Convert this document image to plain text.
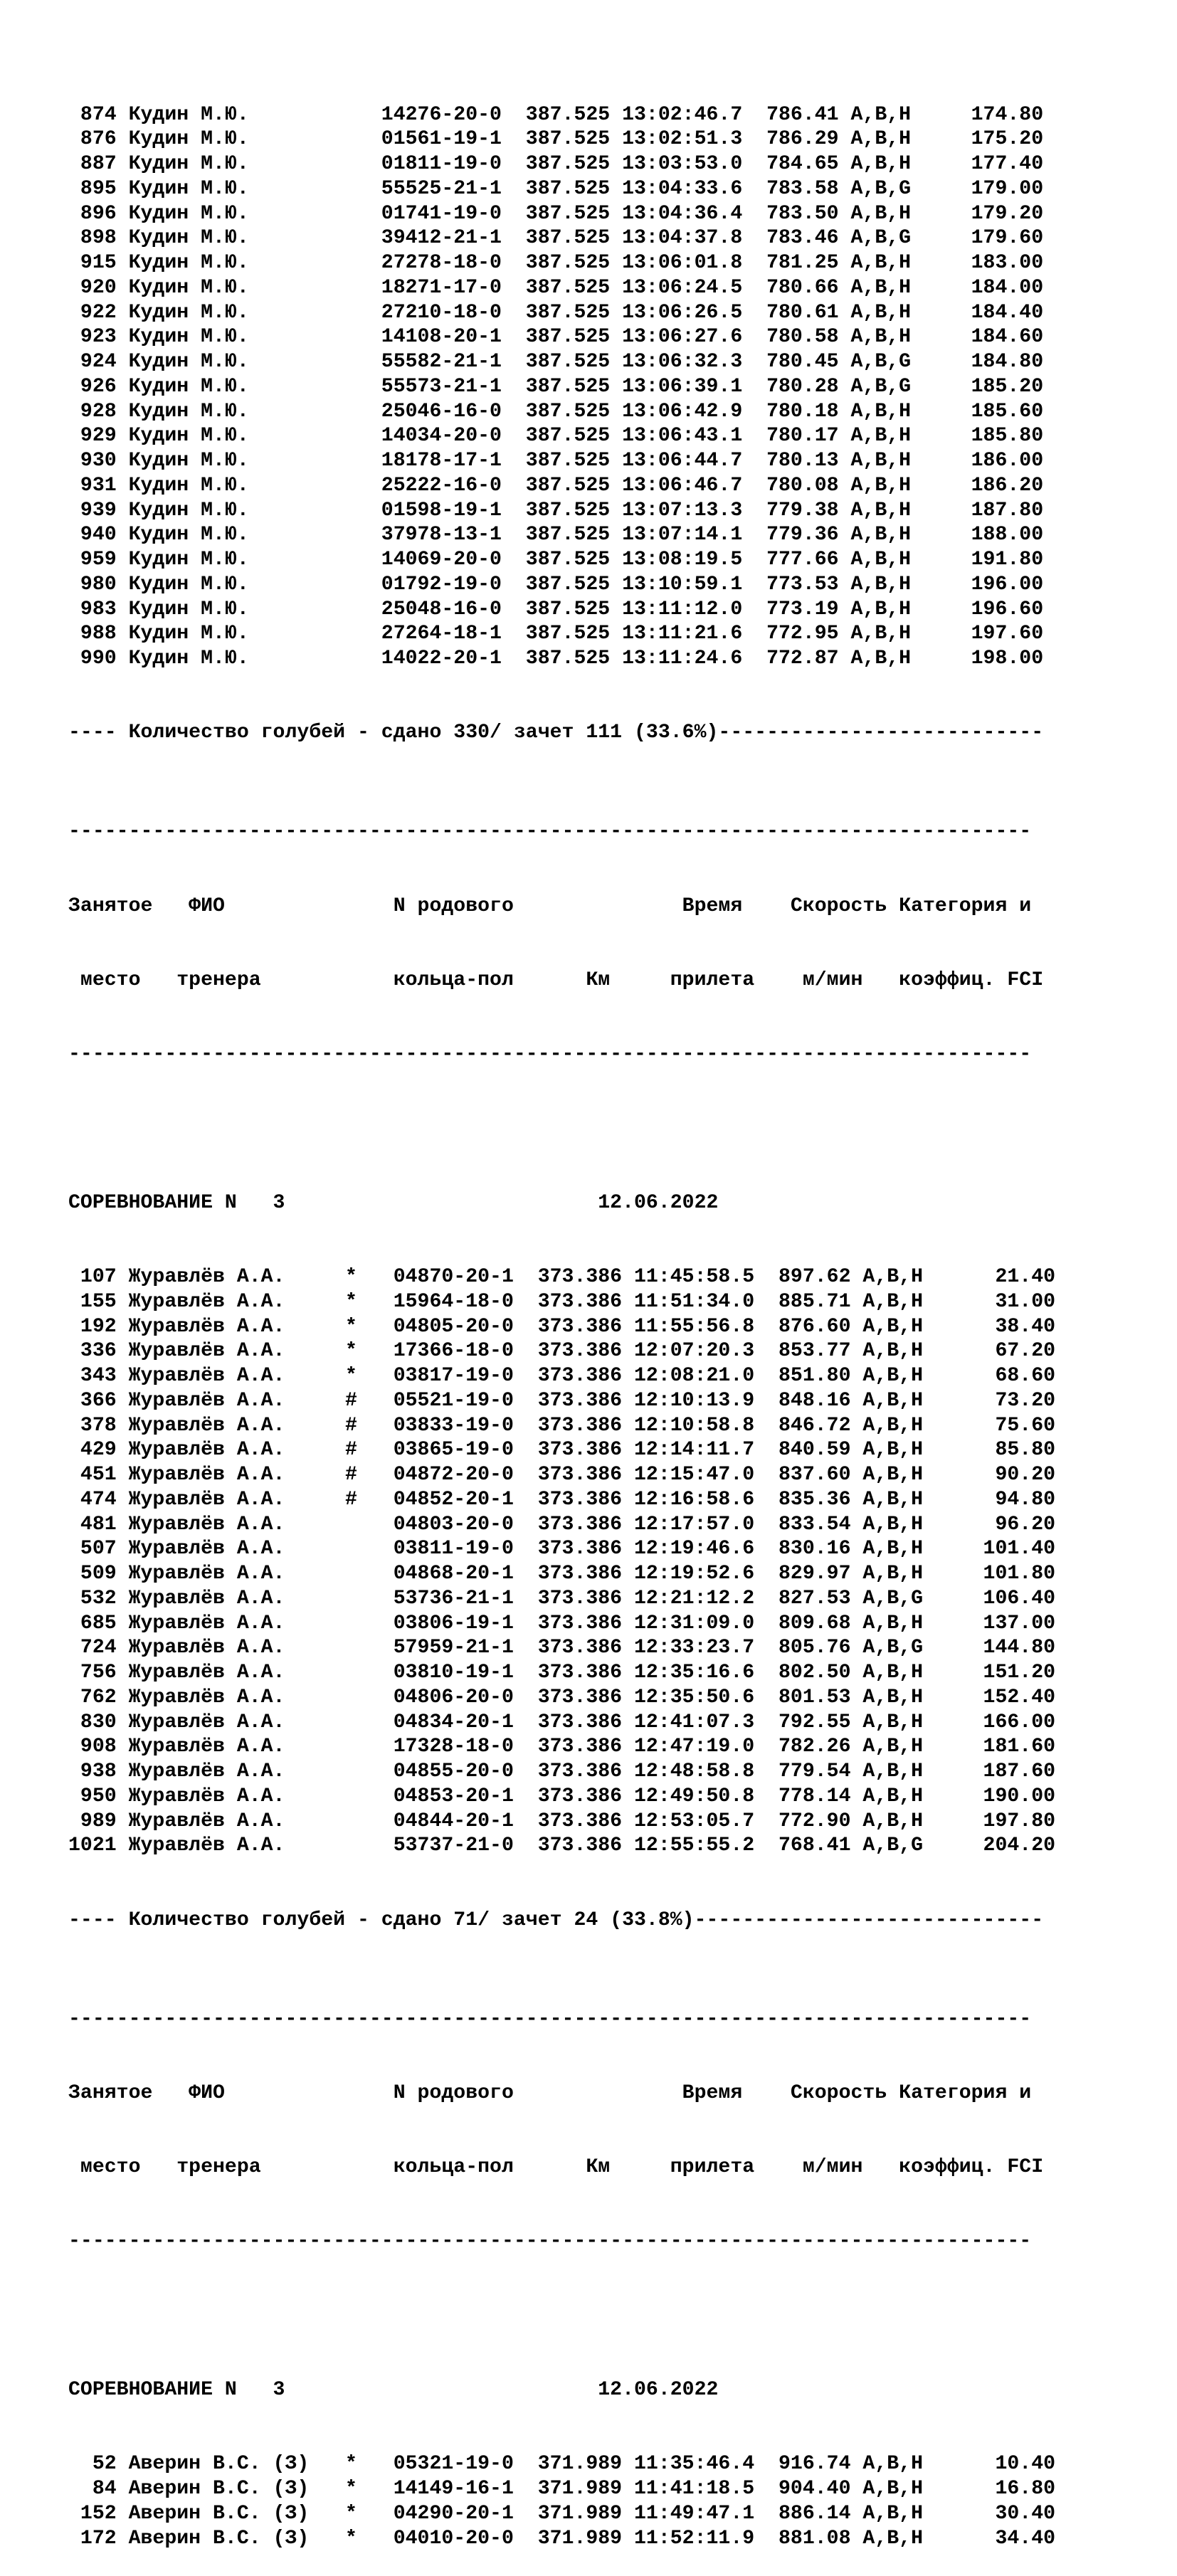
874 Кудин М.Ю.           14276-20-0  387.525 13:02:46.7  786.41 A,B,H     174.80
876 Кудин М.Ю.           01561-19-1  387.525 13:02:51.3  786.29 A,B,H     175.20
887 Кудин М.Ю.           01811-19-0  387.525 13:03:53.0  784.65 A,B,H     177.40
895 Кудин М.Ю.           55525-21-1  387.525 13:04:33.6  783.58 A,B,G     179.00
896 Кудин М.Ю.           01741-19-0  387.525 13:04:36.4  783.50 A,B,H     179.20
898 Кудин М.Ю.           39412-21-1  387.525 13:04:37.8  783.46 A,B,G     179.60
915 Кудин М.Ю.           27278-18-0  387.525 13:06:01.8  781.25 A,B,H     183.00
920 Кудин М.Ю.           18271-17-0  387.525 13:06:24.5  780.66 A,B,H     184.00
922 Кудин М.Ю.           27210-18-0  387.525 13:06:26.5  780.61 A,B,H     184.40
923 Кудин М.Ю.           14108-20-1  387.525 13:06:27.6  780.58 A,B,H     184.60
924 Кудин М.Ю.           55582-21-1  387.525 13:06:32.3  780.45 A,B,G     184.80
926 Кудин М.Ю.           55573-21-1  387.525 13:06:39.1  780.28 A,B,G     185.20
928 Кудин М.Ю.           25046-16-0  387.525 13:06:42.9  780.18 A,B,H     185.60
929 Кудин М.Ю.           14034-20-0  387.525 13:06:43.1  780.17 A,B,H     185.80
930 Кудин М.Ю.           18178-17-1  387.525 13:06:44.7  780.13 A,B,H     186.00
931 Кудин М.Ю.           25222-16-0  387.525 13:06:46.7  780.08 A,B,H     186.20
939 Кудин М.Ю.           01598-19-1  387.525 13:07:13.3  779.38 A,B,H     187.80
940 Кудин М.Ю.           37978-13-1  387.525 13:07:14.1  779.36 A,B,H     188.00
959 Кудин М.Ю.           14069-20-0  387.525 13:08:19.5  777.66 A,B,H     191.80
980 Кудин М.Ю.           01792-19-0  387.525 13:10:59.1  773.53 A,B,H     196.00
983 Кудин М.Ю.           25048-16-0  387.525 13:11:12.0  773.19 A,B,H     196.60
988 Кудин М.Ю.           27264-18-1  387.525 13:11:21.6  772.95 A,B,H     197.60
990 Кудин М.Ю.           14022-20-1  387.525 13:11:24.6  772.87 A,B,H     198.00

---- Количество голубей - сдано 330/ зачет 111 (33.6%)---------------------------

--------------------------------------------------------------------------------

Занятое   ФИО              N родового              Время    Скорость Категория и

место   тренера           кольца-пол      Км     прилета    м/мин   коэффиц. FCI

--------------------------------------------------------------------------------

СОРЕВНОВАНИЕ N   3                          12.06.2022

107 Журавлёв А.А.     *   04870-20-1  373.386 11:45:58.5  897.62 A,B,H      21.40
155 Журавлёв А.А.     *   15964-18-0  373.386 11:51:34.0  885.71 A,B,H      31.00
192 Журавлёв А.А.     *   04805-20-0  373.386 11:55:56.8  876.60 A,B,H      38.40
336 Журавлёв А.А.     *   17366-18-0  373.386 12:07:20.3  853.77 A,B,H      67.20
343 Журавлёв А.А.     *   03817-19-0  373.386 12:08:21.0  851.80 A,B,H      68.60
366 Журавлёв А.А.     #   05521-19-0  373.386 12:10:13.9  848.16 A,B,H      73.20
378 Журавлёв А.А.     #   03833-19-0  373.386 12:10:58.8  846.72 A,B,H      75.60
429 Журавлёв А.А.     #   03865-19-0  373.386 12:14:11.7  840.59 A,B,H      85.80
451 Журавлёв А.А.     #   04872-20-0  373.386 12:15:47.0  837.60 A,B,H      90.20
474 Журавлёв А.А.     #   04852-20-1  373.386 12:16:58.6  835.36 A,B,H      94.80
481 Журавлёв А.А.         04803-20-0  373.386 12:17:57.0  833.54 A,B,H      96.20
507 Журавлёв А.А.         03811-19-0  373.386 12:19:46.6  830.16 A,B,H     101.40
509 Журавлёв А.А.         04868-20-1  373.386 12:19:52.6  829.97 A,B,H     101.80
532 Журавлёв А.А.         53736-21-1  373.386 12:21:12.2  827.53 A,B,G     106.40
685 Журавлёв А.А.         03806-19-1  373.386 12:31:09.0  809.68 A,B,H     137.00
724 Журавлёв А.А.         57959-21-1  373.386 12:33:23.7  805.76 A,B,G     144.80
756 Журавлёв А.А.         03810-19-1  373.386 12:35:16.6  802.50 A,B,H     151.20
762 Журавлёв А.А.         04806-20-0  373.386 12:35:50.6  801.53 A,B,H     152.40
830 Журавлёв А.А.         04834-20-1  373.386 12:41:07.3  792.55 A,B,H     166.00
908 Журавлёв А.А.         17328-18-0  373.386 12:47:19.0  782.26 A,B,H     181.60
938 Журавлёв А.А.         04855-20-0  373.386 12:48:58.8  779.54 A,B,H     187.60
950 Журавлёв А.А.         04853-20-1  373.386 12:49:50.8  778.14 A,B,H     190.00
989 Журавлёв А.А.         04844-20-1  373.386 12:53:05.7  772.90 A,B,H     197.80
1021 Журавлёв А.А.         53737-21-0  373.386 12:55:55.2  768.41 A,B,G     204.20

---- Количество голубей - сдано 71/ зачет 24 (33.8%)-----------------------------

--------------------------------------------------------------------------------

Занятое   ФИО              N родового              Время    Скорость Категория и

место   тренера           кольца-пол      Км     прилета    м/мин   коэффиц. FCI

--------------------------------------------------------------------------------

СОРЕВНОВАНИЕ N   3                          12.06.2022

52 Аверин В.С. (З)   *   05321-19-0  371.989 11:35:46.4  916.74 A,B,H      10.40
84 Аверин В.С. (З)   *   14149-16-1  371.989 11:41:18.5  904.40 A,B,H      16.80
152 Аверин В.С. (З)   *   04290-20-1  371.989 11:49:47.1  886.14 A,B,H      30.40
172 Аверин В.С. (З)   *   04010-20-0  371.989 11:52:11.9  881.08 A,B,H      34.40
